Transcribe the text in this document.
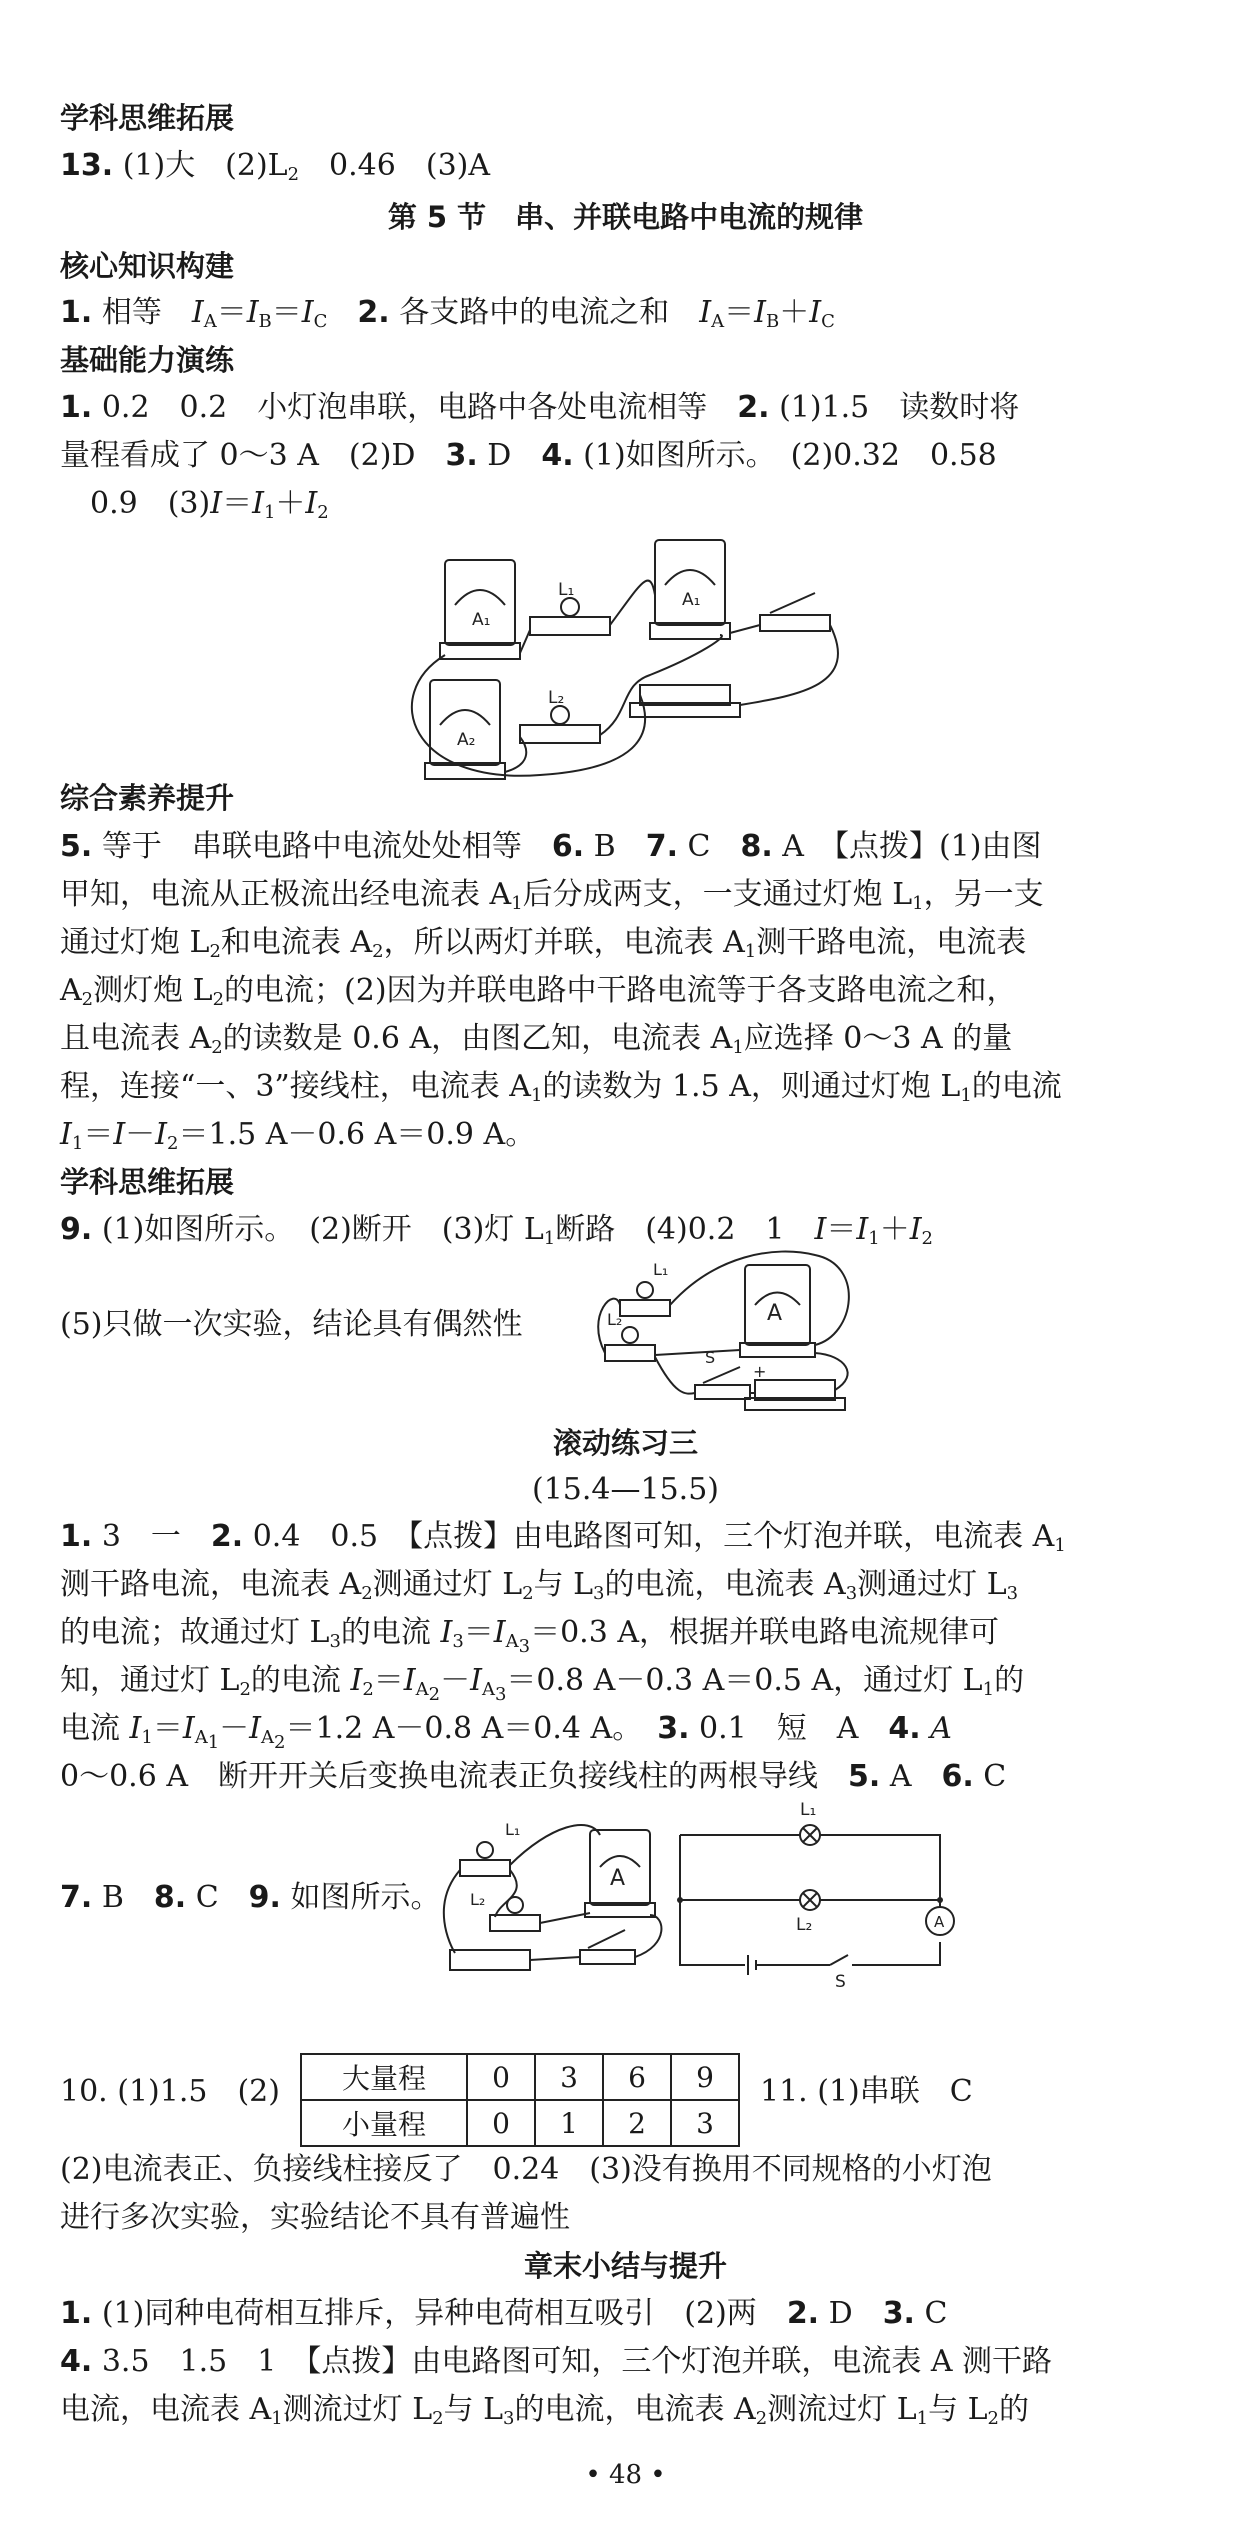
学科思维拓展
13. (1)大　$(2)L_2$　0.46　(3)A
第 5 节　串、并联电路中电流的规律
核心知识构建
1. 相等　$I_A=I_B=I_C$　 2. 各支路中的电流之和　$I_A=I_B+I_C$
基础能力演练
1. 0.2　0.2　小灯泡串联，电路中各处电流相等　2. (1)1.5　读数时将
量程看成了 0～3 A　(2)D　3. D　4. (1)如图所示。　(2)0.32　0.58
　0.9　$(3)I=I_1+I_2$
A₁
A₁
A₂
L₁
L₂
综合素养提升
5. 等于　串联电路中电流处处相等　6. B　7. C　8. A　【点拨】(1)由图
甲知，电流从正极流出经电流表 $A_1$后分成两支，一支通过灯炮 $L_1$，另一支
通过灯炮 $L_2$和电流表 $A_2$，所以两灯并联，电流表 $A_1$测干路电流，电流表
$A_2$测灯炮 $L_2$的电流；(2)因为并联电路中干路电流等于各支路电流之和，
且电流表 $A_2$的读数是 0.6 A，由图乙知，电流表 $A_1$应选择 0～3 A 的量
程，连接“一、3”接线柱，电流表 $A_1$的读数为 1.5 A，则通过灯炮 $L_1$的电流
$I_1=I-I_2=1.5$ A－0.6 A＝0.9 A。
学科思维拓展
9. (1)如图所示。　(2)断开　(3)灯 $L_1$断路　(4)0.2　1　$I=I_1+I_2$
(5)只做一次实验，结论具有偶然性
L₁
L₂	A
S
+
滚动练习三
(15.4—15.5)
1. 3　一　2. 0.4　0.5　【点拨】由电路图可知，三个灯泡并联，电流表 $A_1$
测干路电流，电流表 $A_2$测通过灯 $L_2$与 $L_3$的电流，电流表 $A_3$测通过灯 $L_3$
的电流；故通过灯 $L_3$的电流 $I_3=I_{A_3}=0.3$ A，根据并联电路电流规律可
知，通过灯 $L_2$的电流 $I_2=I_{A_2}-I_{A_3}=0.8$ A－0.3 A＝0.5 A，通过灯 $L_1$的
电流 $I_1=I_{A_1}-I_{A_2}=1.2$ A－0.8 A＝0.4 A。　3. 0.1　短　A　4. A
0～0.6 A　断开开关后变换电流表正负接线柱的两根导线　5. A　6. C
7. B　8. C　9. 如图所示。
L₁
L₂
A
L₁
L₂	A
S
10. (1)1.5　(2) 大量程	0	3	6	9
小量程	0	1	2	3
11. (1)串联　C
(2)电流表正、负接线柱接反了　0.24　(3)没有换用不同规格的小灯泡
进行多次实验，实验结论不具有普遍性
章末小结与提升
1. (1)同种电荷相互排斥，异种电荷相互吸引　(2)两　2. D　3. C
4. 3.5　1.5　1　【点拨】由电路图可知，三个灯泡并联，电流表 A 测干路
电流，电流表 $A_1$测流过灯 $L_2$与 $L_3$的电流，电流表 $A_2$测流过灯 $L_1$与 $L_2$的
• 48 •
